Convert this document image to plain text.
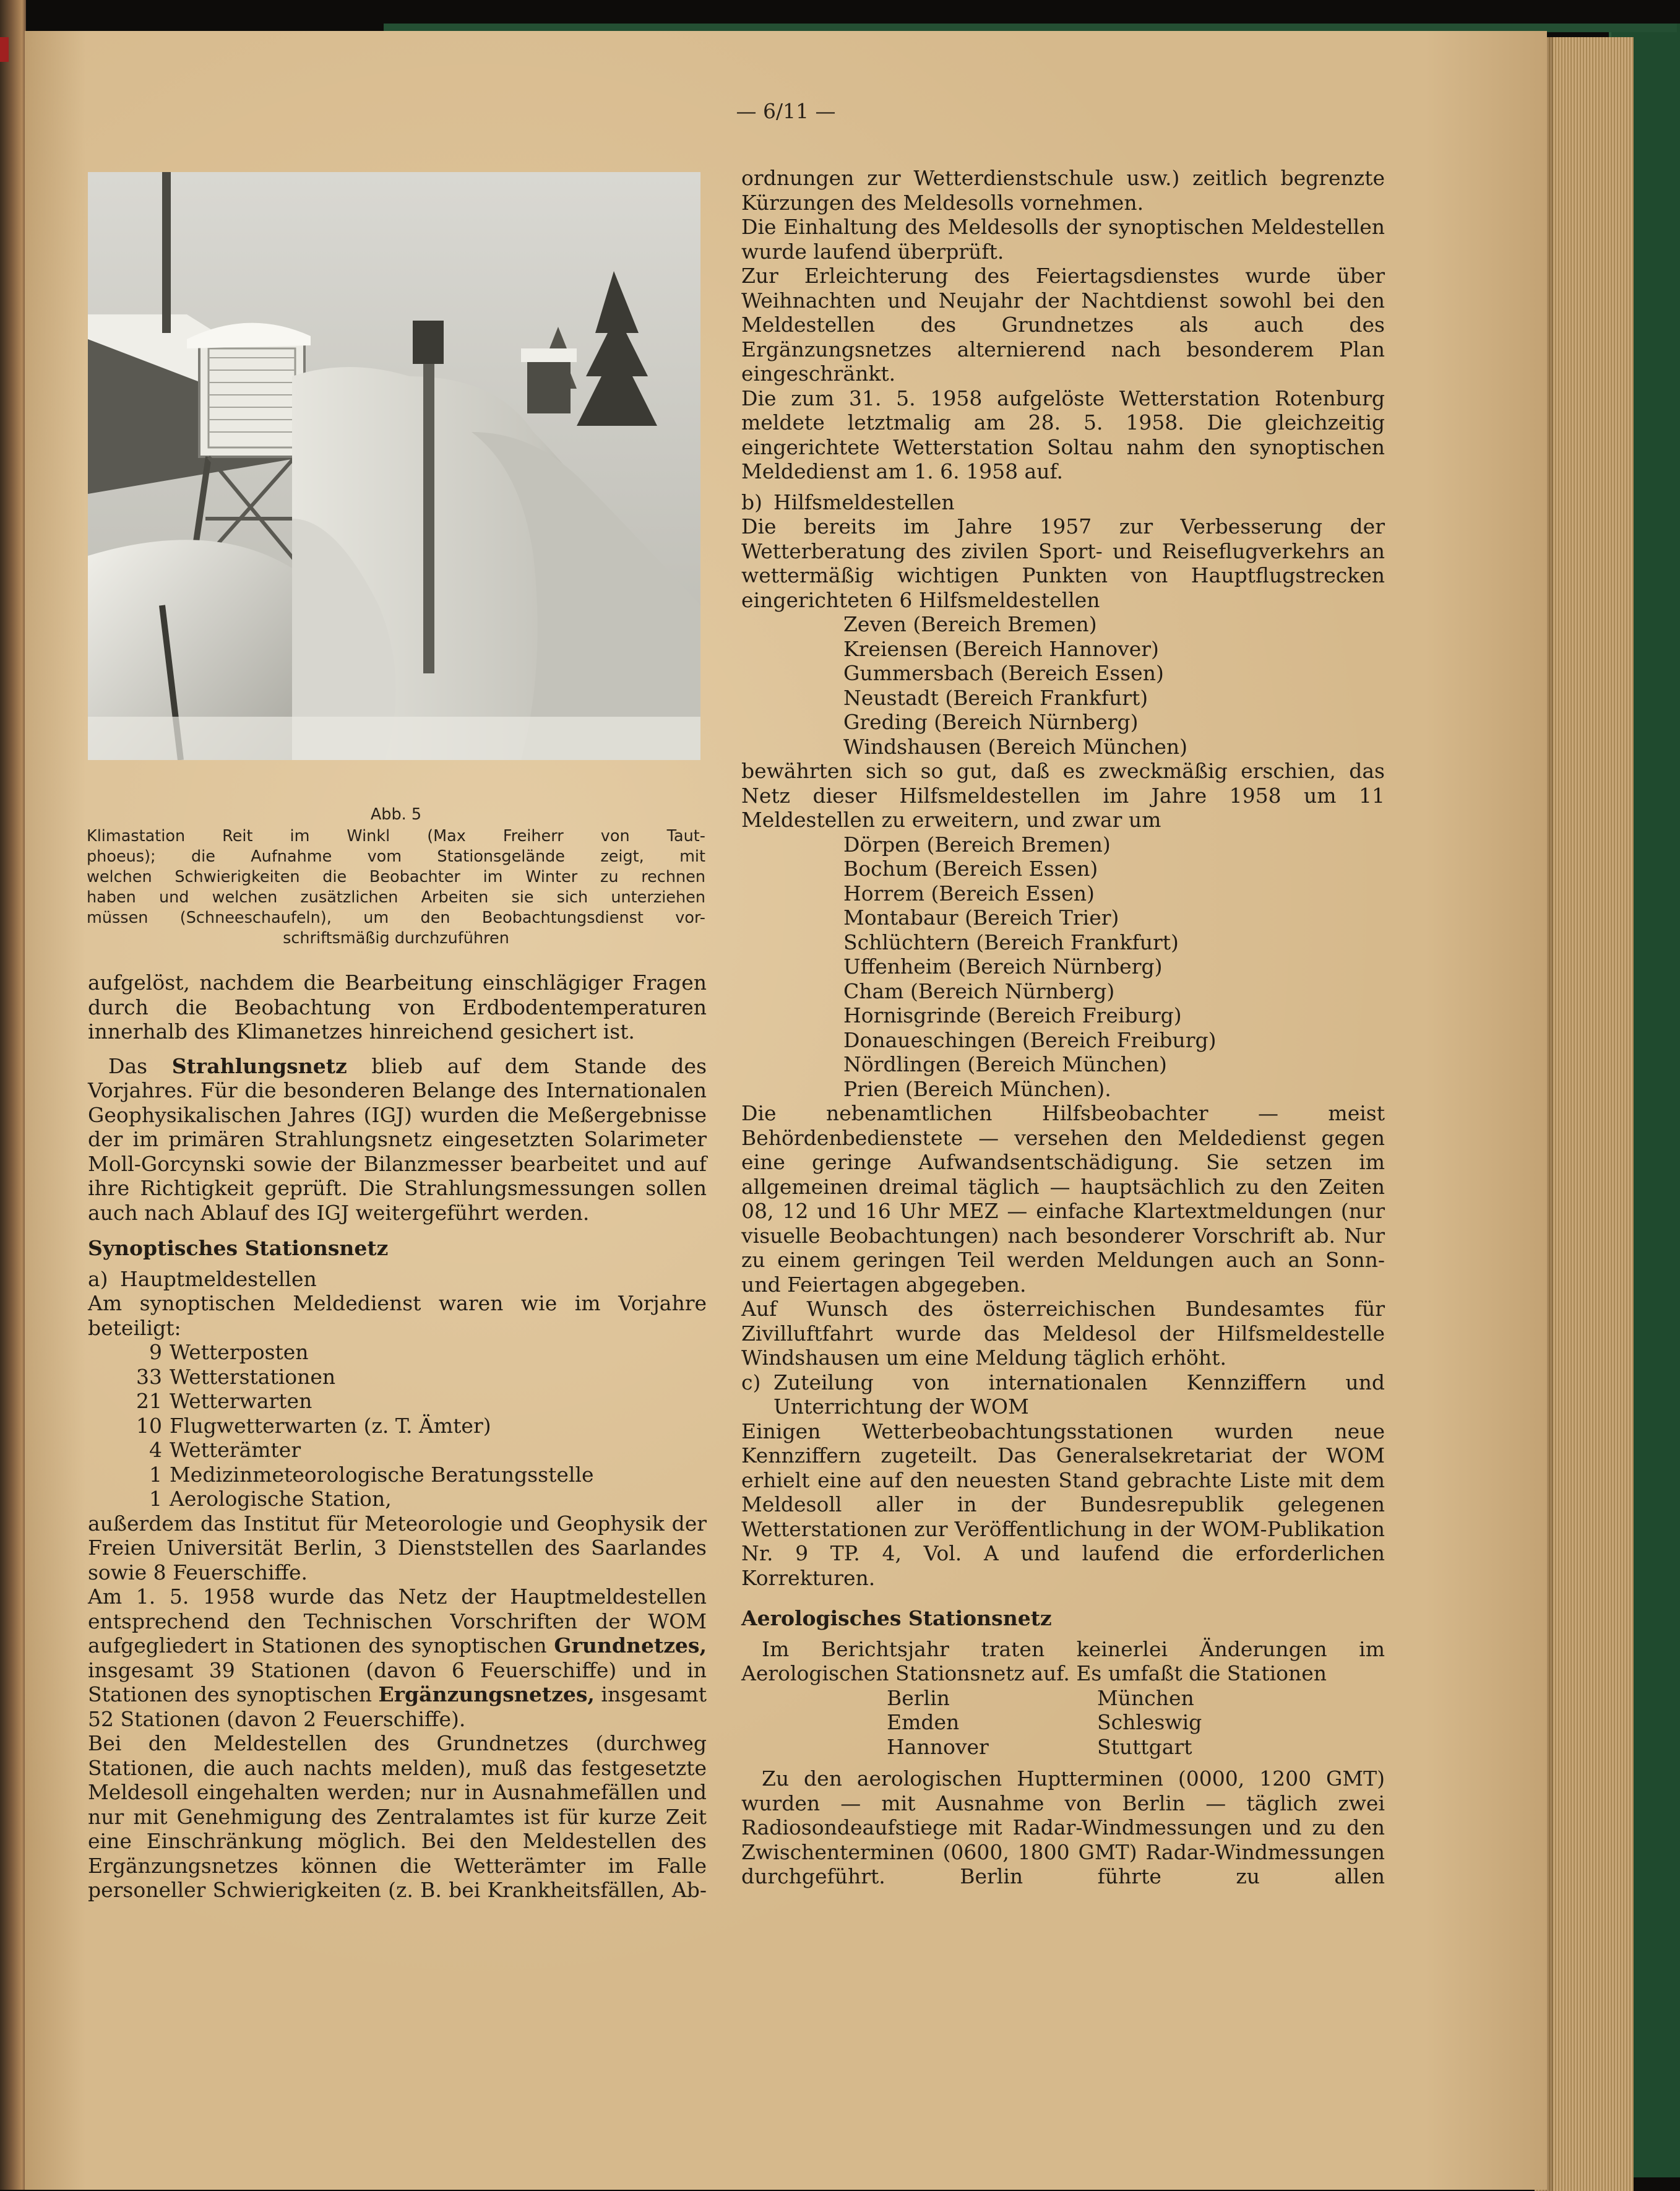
— 6/11 —
Abb. 5
Klimastation Reit im Winkl (Max Freiherr von Taut-
phoeus); die Aufnahme vom Stationsgelände zeigt, mit
welchen Schwierigkeiten die Beobachter im Winter zu rechnen
haben und welchen zusätzlichen Arbeiten sie sich unterziehen
müssen (Schneeschaufeln), um den Beobachtungsdienst vor-
schriftsmäßig durchzuführen

aufgelöst, nachdem die Bearbeitung einschlägiger Fragen durch die Beobachtung von Erdbodentemperaturen innerhalb des Klimanetzes hinreichend gesichert ist.

 Das Strahlungsnetz blieb auf dem Stande des Vorjahres. Für die besonderen Belange des Internationalen Geophysikalischen Jahres (IGJ) wurden die Meßergebnisse der im primären Strahlungsnetz eingesetzten Solarimeter Moll-Gorcynski sowie der Bilanzmesser bearbeitet und auf ihre Richtigkeit geprüft. Die Strahlungsmessungen sollen auch nach Ablauf des IGJ weitergeführt werden.

Synoptisches Stationsnetz
a) Hauptmeldestellen

Am synoptischen Meldedienst waren wie im Vorjahre beteiligt:

9 Wetterposten
33 Wetterstationen
21 Wetterwarten
10 Flugwetterwarten (z. T. Ämter)
4 Wetterämter
1 Medizinmeteorologische Beratungsstelle
1 Aerologische Station,

außerdem das Institut für Meteorologie und Geophysik der Freien Universität Berlin, 3 Dienststellen des Saarlandes sowie 8 Feuerschiffe.

Am 1. 5. 1958 wurde das Netz der Hauptmeldestellen entsprechend den Technischen Vorschriften der WOM aufgegliedert in Stationen des synoptischen Grundnetzes, insgesamt 39 Stationen (davon 6 Feuerschiffe) und in Stationen des synoptischen Ergänzungsnetzes, insgesamt 52 Stationen (davon 2 Feuerschiffe).

Bei den Meldestellen des Grundnetzes (durchweg Stationen, die auch nachts melden), muß das festgesetzte Meldesoll eingehalten werden; nur in Ausnahmefällen und nur mit Genehmigung des Zentralamtes ist für kurze Zeit eine Einschränkung möglich. Bei den Meldestellen des Ergänzungsnetzes können die Wetterämter im Falle personeller Schwierigkeiten (z. B. bei Krankheitsfällen, Ab-

ordnungen zur Wetterdienstschule usw.) zeitlich begrenzte Kürzungen des Meldesolls vornehmen.

Die Einhaltung des Meldesolls der synoptischen Meldestellen wurde laufend überprüft.

Zur Erleichterung des Feiertagsdienstes wurde über Weihnachten und Neujahr der Nachtdienst sowohl bei den Meldestellen des Grundnetzes als auch des Ergänzungsnetzes alternierend nach besonderem Plan eingeschränkt.

Die zum 31. 5. 1958 aufgelöste Wetterstation Rotenburg meldete letztmalig am 28. 5. 1958. Die gleichzeitig eingerichtete Wetterstation Soltau nahm den synoptischen Meldedienst am 1. 6. 1958 auf.

b) Hilfsmeldestellen

Die bereits im Jahre 1957 zur Verbesserung der Wetterberatung des zivilen Sport- und Reiseflugverkehrs an wettermäßig wichtigen Punkten von Hauptflugstrecken eingerichteten 6 Hilfsmeldestellen

Zeven (Bereich Bremen)
Kreiensen (Bereich Hannover)
Gummersbach (Bereich Essen)
Neustadt (Bereich Frankfurt)
Greding (Bereich Nürnberg)
Windshausen (Bereich München)

bewährten sich so gut, daß es zweckmäßig erschien, das Netz dieser Hilfsmeldestellen im Jahre 1958 um 11 Meldestellen zu erweitern, und zwar um

Dörpen (Bereich Bremen)
Bochum (Bereich Essen)
Horrem (Bereich Essen)
Montabaur (Bereich Trier)
Schlüchtern (Bereich Frankfurt)
Uffenheim (Bereich Nürnberg)
Cham (Bereich Nürnberg)
Hornisgrinde (Bereich Freiburg)
Donaueschingen (Bereich Freiburg)
Nördlingen (Bereich München)
Prien (Bereich München).

Die nebenamtlichen Hilfsbeobachter — meist Behördenbedienstete — versehen den Meldedienst gegen eine geringe Aufwandsentschädigung. Sie setzen im allgemeinen dreimal täglich — hauptsächlich zu den Zeiten 08, 12 und 16 Uhr MEZ — einfache Klartextmeldungen (nur visuelle Beobachtungen) nach besonderer Vorschrift ab. Nur zu einem geringen Teil werden Meldungen auch an Sonn- und Feiertagen abgegeben.

Auf Wunsch des österreichischen Bundesamtes für Zivilluftfahrt wurde das Meldesol der Hilfsmeldestelle Windshausen um eine Meldung täglich erhöht.

c) Zuteilung von internationalen Kennziffern und Unterrichtung der WOM

Einigen Wetterbeobachtungsstationen wurden neue Kennziffern zugeteilt. Das Generalsekretariat der WOM erhielt eine auf den neuesten Stand gebrachte Liste mit dem Meldesoll aller in der Bundesrepublik gelegenen Wetterstationen zur Veröffentlichung in der WOM-Publikation Nr. 9 TP. 4, Vol. A und laufend die erforderlichen Korrekturen.

Aerologisches Stationsnetz

 Im Berichtsjahr traten keinerlei Änderungen im Aerologischen Stationsnetz auf. Es umfaßt die Stationen

Berlin	München
Emden	Schleswig
Hannover	Stuttgart

 Zu den aerologischen Huptterminen (0000, 1200 GMT) wurden — mit Ausnahme von Berlin — täglich zwei Radiosondeaufstiege mit Radar-Windmessungen und zu den Zwischenterminen (0600, 1800 GMT) Radar-Windmessungen durchgeführt. Berlin führte zu allen
